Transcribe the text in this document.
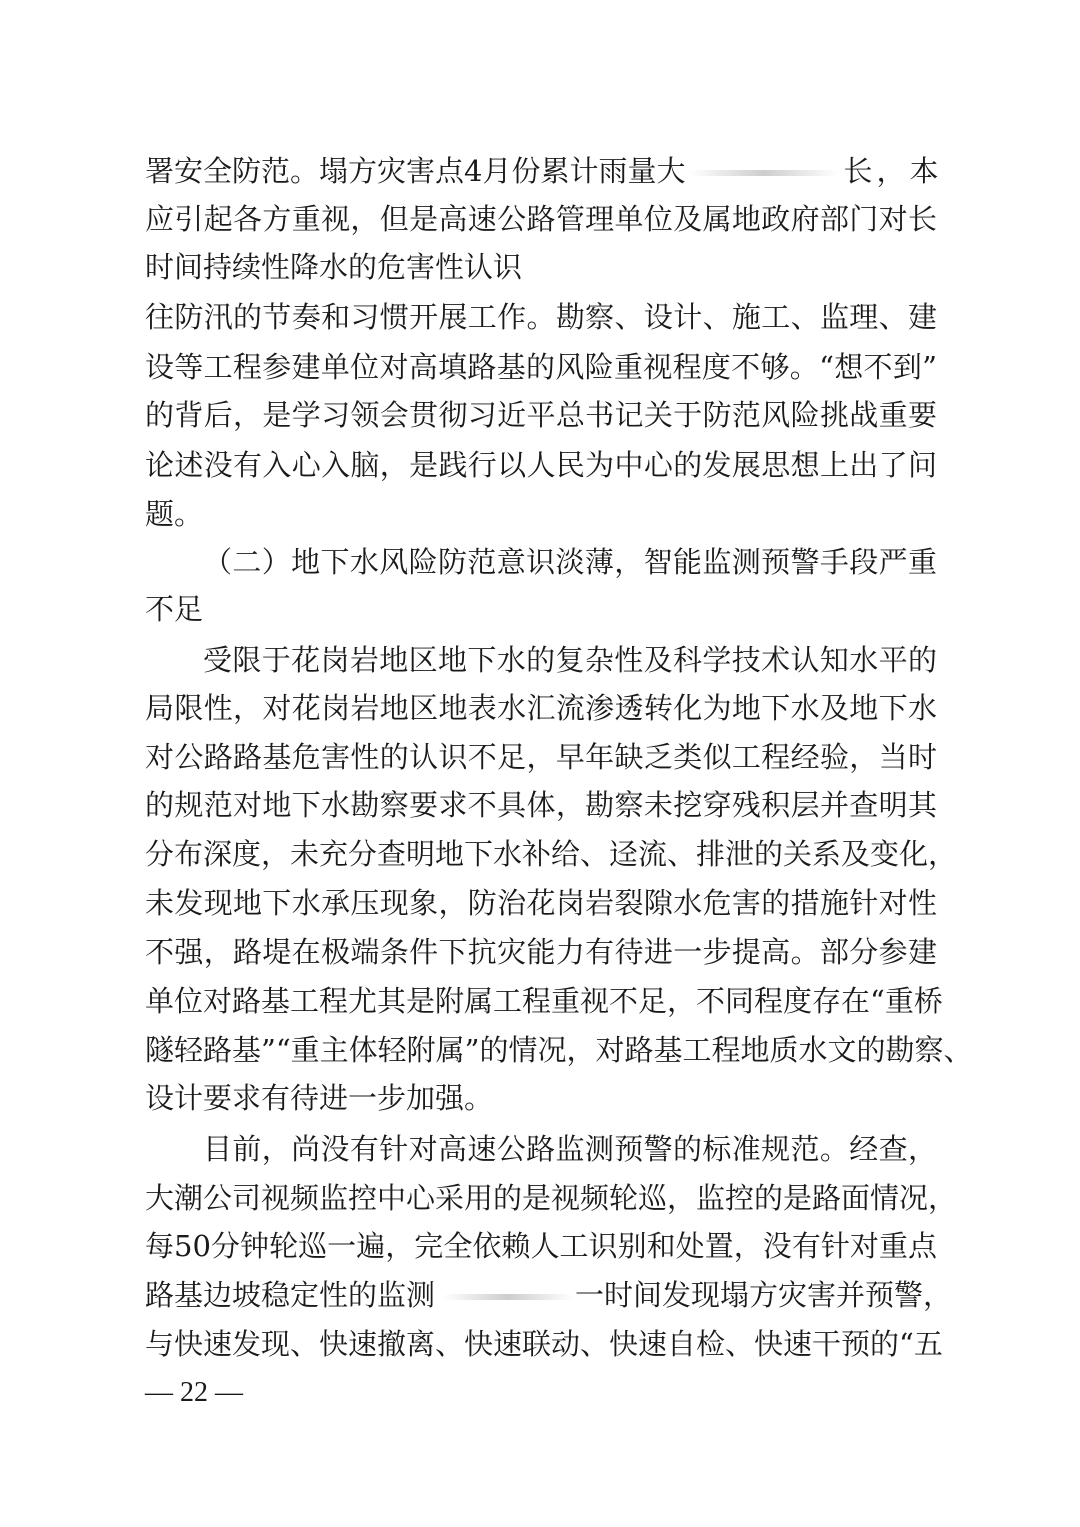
署安全防范。塌方灾害点4月份累计雨量大	长，本
应引起各方重视，但是高速公路管理单位及属地政府部门对长
时间持续性降水的危害性认识
往防汛的节奏和习惯开展工作。勘察、设计、施工、监理、建
设等工程参建单位对高填路基的风险重视程度不够。“想不到”
的背后，是学习领会贯彻习近平总书记关于防范风险挑战重要
论述没有入心入脑，是践行以人民为中心的发展思想上出了问
题。
（二）地下水风险防范意识淡薄，智能监测预警手段严重
不足
受限于花岗岩地区地下水的复杂性及科学技术认知水平的
局限性，对花岗岩地区地表水汇流渗透转化为地下水及地下水
对公路路基危害性的认识不足，早年缺乏类似工程经验，当时
的规范对地下水勘察要求不具体，勘察未挖穿残积层并查明其
分布深度，未充分查明地下水补给、迳流、排泄的关系及变化，
未发现地下水承压现象，防治花岗岩裂隙水危害的措施针对性
不强，路堤在极端条件下抗灾能力有待进一步提高。部分参建
单位对路基工程尤其是附属工程重视不足，不同程度存在“重桥
隧轻路基”“重主体轻附属”的情况，对路基工程地质水文的勘察、
设计要求有待进一步加强。
目前，尚没有针对高速公路监测预警的标准规范。经查，
大潮公司视频监控中心采用的是视频轮巡，监控的是路面情况，
每50分钟轮巡一遍，完全依赖人工识别和处置，没有针对重点
路基边坡稳定性的监测	一时间发现塌方灾害并预警，
与快速发现、快速撤离、快速联动、快速自检、快速干预的“五
— 22 —
